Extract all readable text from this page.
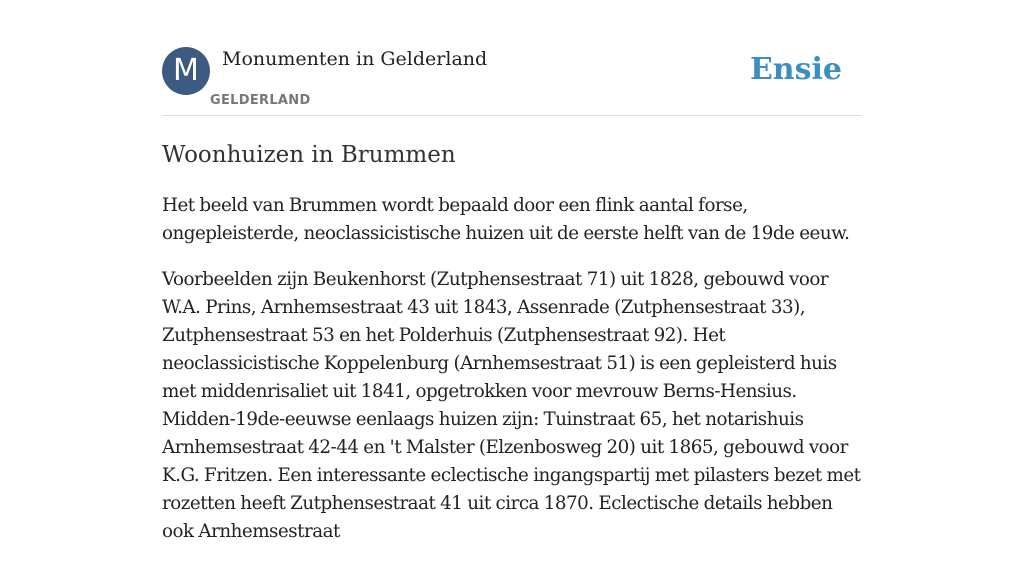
M	Monumenten in Gelderland
GELDERLAND
Ensie
Woonhuizen in Brummen

Het beeld van Brummen wordt bepaald door een flink aantal forse, ongepleisterde, neoclassicistische huizen uit de eerste helft van de 19de eeuw.

Voorbeelden zijn Beukenhorst (Zutphensestraat 71) uit 1828, gebouwd voor W.A. Prins, Arnhemsestraat 43 uit 1843, Assenrade (Zutphensestraat 33), Zutphensestraat 53 en het Polderhuis (Zutphensestraat 92). Het neoclassicistische Koppelenburg (Arnhemsestraat 51) is een gepleisterd huis met middenrisaliet uit 1841, opgetrokken voor mevrouw Berns-Hensius. Midden-19de-eeuwse eenlaags huizen zijn: Tuinstraat 65, het notarishuis Arnhemsestraat 42-44 en 't Malster (Elzenbosweg 20) uit 1865, gebouwd voor K.G. Fritzen. Een interessante eclectische ingangspartij met pilasters bezet met rozetten heeft Zutphensestraat 41 uit circa 1870. Eclectische details hebben ook Arnhemsestraat
